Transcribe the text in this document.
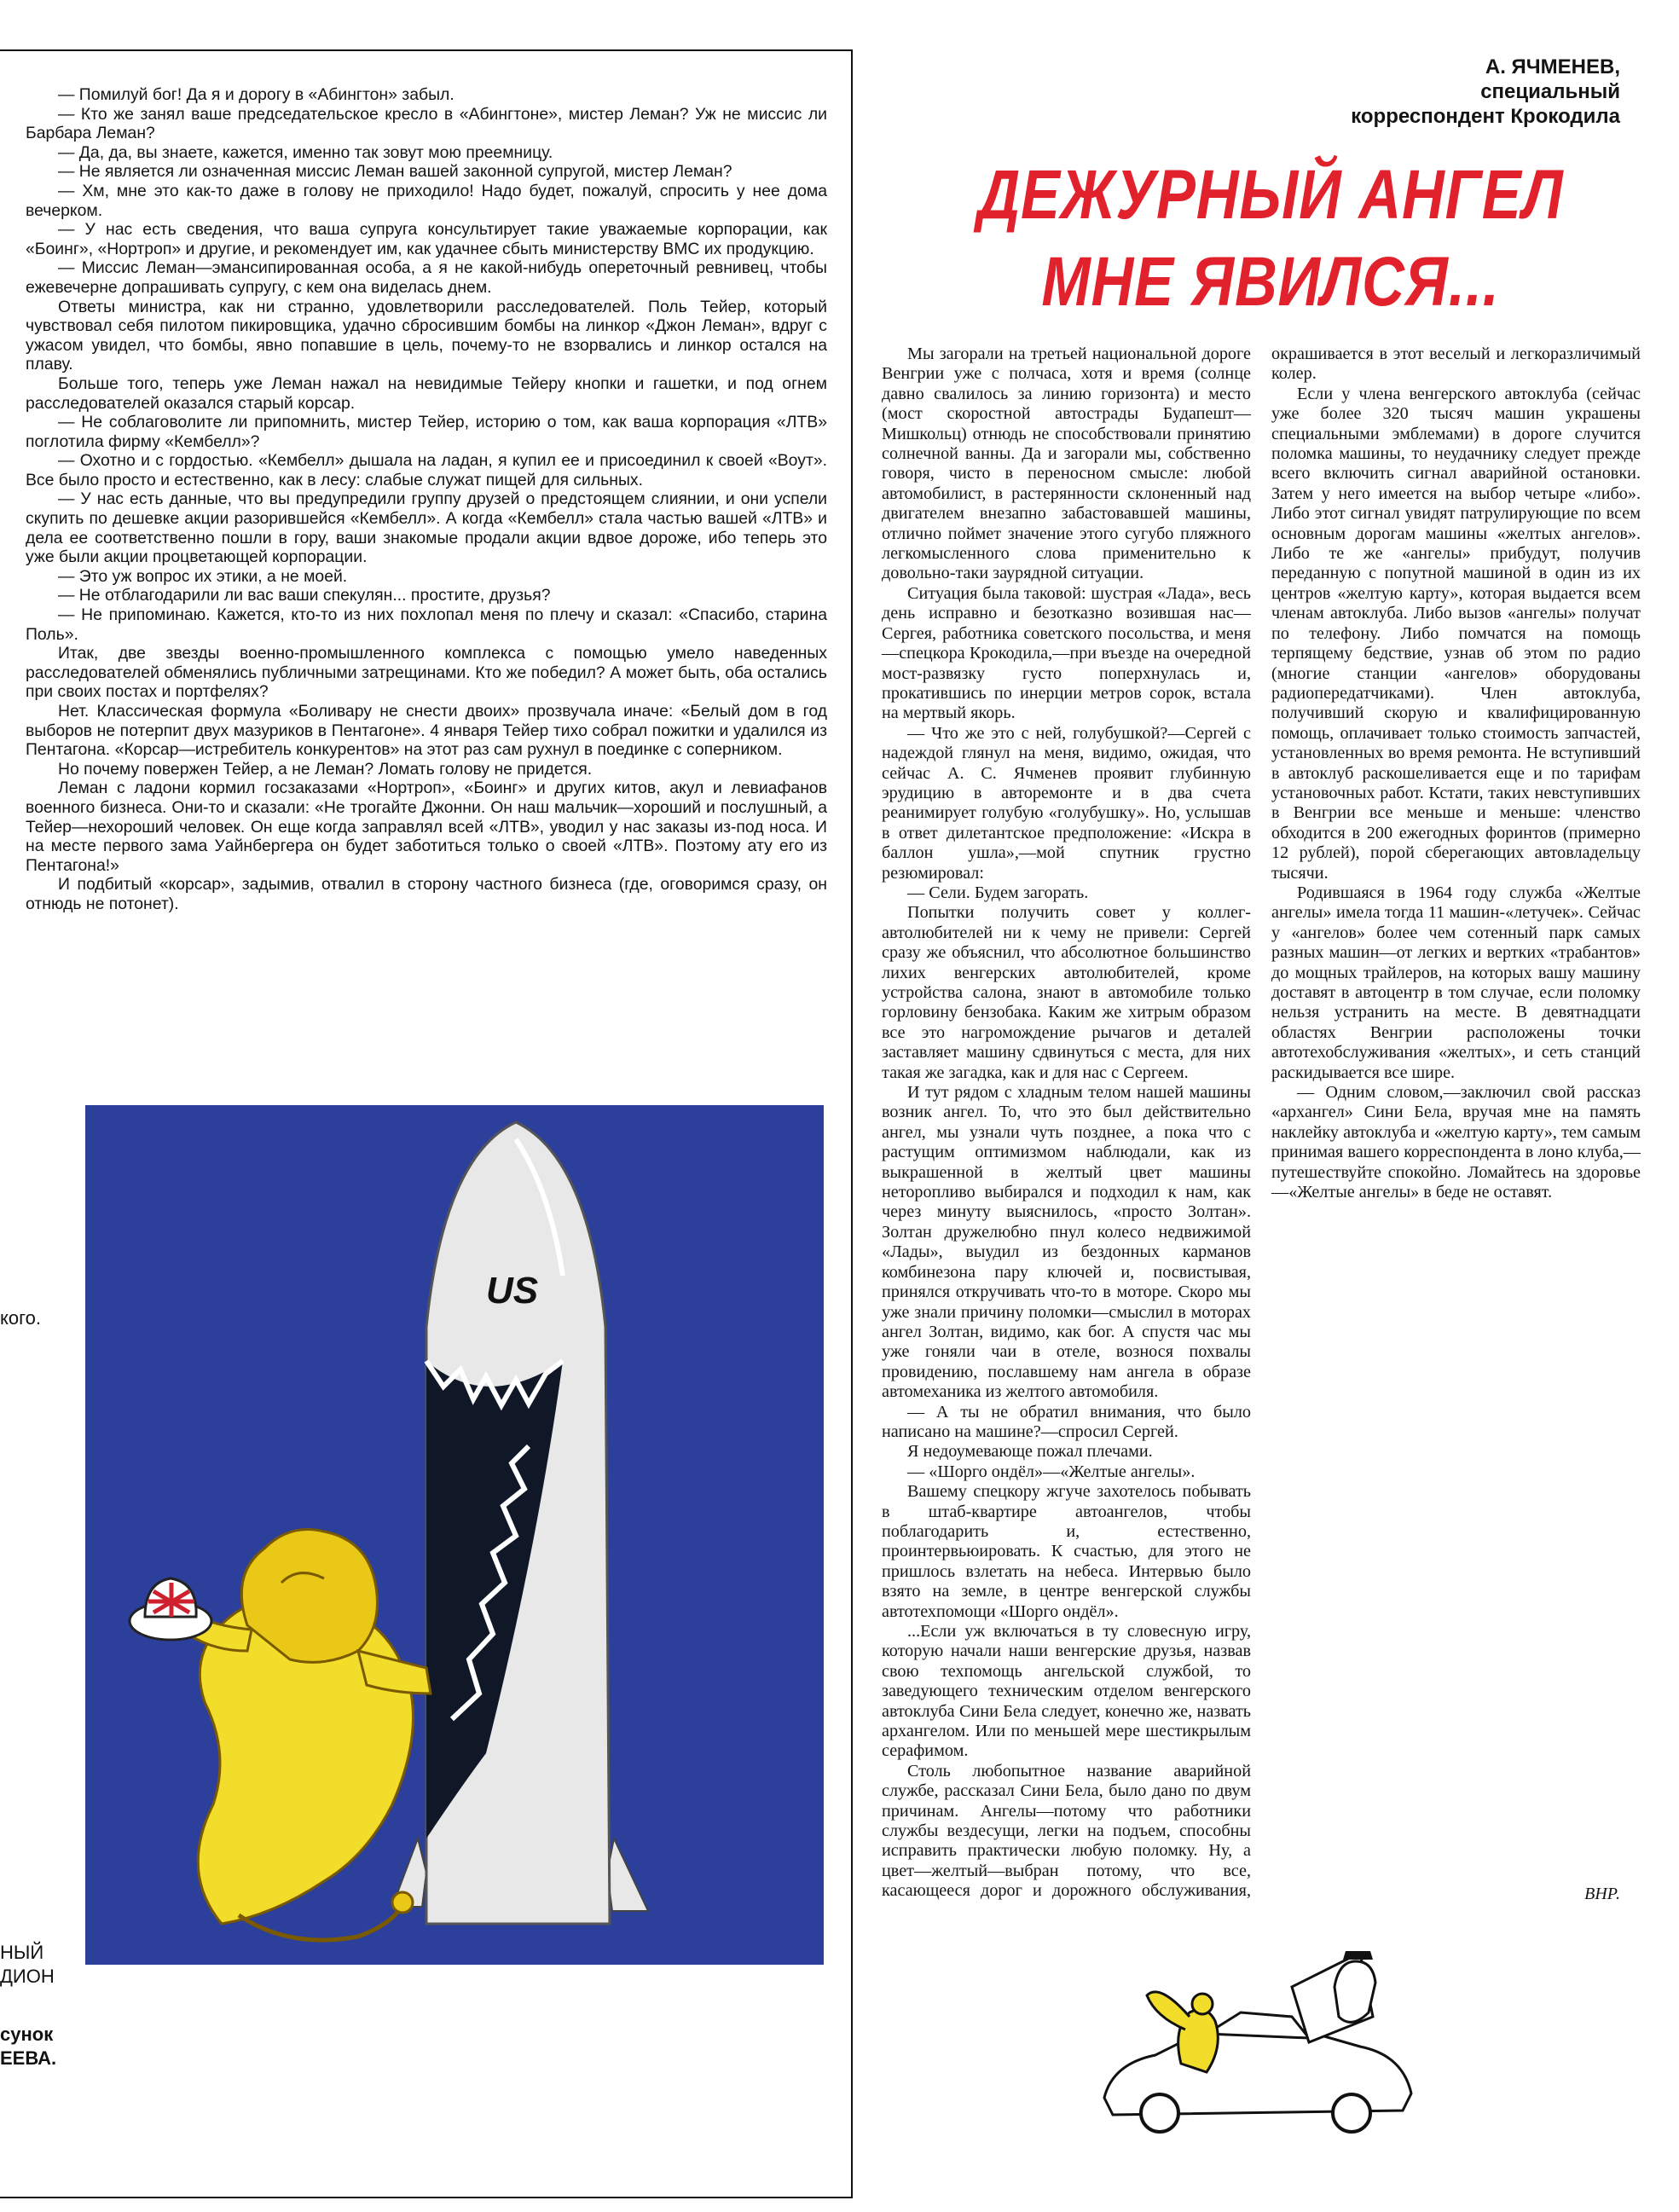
— Помилуй бог! Да я и дорогу в «Абингтон» забыл.

— Кто же занял ваше председательское кресло в «Абингтоне», мистер Леман? Уж не миссис ли Барбара Леман?

— Да, да, вы знаете, кажется, именно так зовут мою преемницу.

— Не является ли означенная миссис Леман вашей законной супругой, мистер Леман?

— Хм, мне это как-то даже в голову не приходило! Надо будет, пожалуй, спросить у нее дома вечерком.

— У нас есть сведения, что ваша супруга консультирует такие уважаемые корпорации, как «Боинг», «Нортроп» и другие, и рекомендует им, как удачнее сбыть министерству ВМС их продукцию.

— Миссис Леман—эмансипированная особа, а я не какой-нибудь опереточный ревнивец, чтобы ежевечерне допрашивать супругу, с кем она виделась днем.

Ответы министра, как ни странно, удовлетворили расследователей. Поль Тейер, который чувствовал себя пилотом пикировщика, удачно сбросившим бомбы на линкор «Джон Леман», вдруг с ужасом увидел, что бомбы, явно попавшие в цель, почему-то не взорвались и линкор остался на плаву.

Больше того, теперь уже Леман нажал на невидимые Тейеру кнопки и гашетки, и под огнем расследователей оказался старый корсар.

— Не соблаговолите ли припомнить, мистер Тейер, историю о том, как ваша корпорация «ЛТВ» поглотила фирму «Кембелл»?

— Охотно и с гордостью. «Кембелл» дышала на ладан, я купил ее и присоединил к своей «Воут». Все было просто и естественно, как в лесу: слабые служат пищей для сильных.

— У нас есть данные, что вы предупредили группу друзей о предстоящем слиянии, и они успели скупить по дешевке акции разорившейся «Кембелл». А когда «Кембелл» стала частью вашей «ЛТВ» и дела ее соответственно пошли в гору, ваши знакомые продали акции вдвое дороже, ибо теперь это уже были акции процветающей корпорации.

— Это уж вопрос их этики, а не моей.

— Не отблагодарили ли вас ваши спекулян... простите, друзья?

— Не припоминаю. Кажется, кто-то из них похлопал меня по плечу и сказал: «Спасибо, старина Поль».

Итак, две звезды военно-промышленного комплекса с помощью умело наведенных расследователей обменялись публичными затрещинами. Кто же победил? А может быть, оба остались при своих постах и портфелях?

Нет. Классическая формула «Боливару не снести двоих» прозвучала иначе: «Белый дом в год выборов не потерпит двух мазуриков в Пентагоне». 4 января Тейер тихо собрал пожитки и удалился из Пентагона. «Корсар—истребитель конкурентов» на этот раз сам рухнул в поединке с соперником.

Но почему повержен Тейер, а не Леман? Ломать голову не придется.

Леман с ладони кормил госзаказами «Нортроп», «Боинг» и других китов, акул и левиафанов военного бизнеса. Они-то и сказали: «Не трогайте Джонни. Он наш мальчик—хороший и послушный, а Тейер—нехороший человек. Он еще когда заправлял всей «ЛТВ», уводил у нас заказы из-под носа. И на месте первого зама Уайнбергера он будет заботиться только о своей «ЛТВ». Поэтому ату его из Пентагона!»

И подбитый «корсар», задымив, отвалил в сторону частного бизнеса (где, оговоримся сразу, он отнюдь не потонет).

US
кого.
НЫЙ
ДИОН
сунок
ЕЕВА.
А. ЯЧМЕНЕВ,
специальный
корреспондент Крокодила
ДЕЖУРНЫЙ АНГЕЛ
МНЕ ЯВИЛСЯ...

Мы загорали на третьей национальной дороге Венгрии уже с полчаса, хотя и время (солнце давно свалилось за линию горизонта) и место (мост скоростной автострады Будапешт—Мишкольц) отнюдь не способствовали принятию солнечной ванны. Да и загорали мы, собственно говоря, чисто в переносном смысле: любой автомобилист, в растерянности склоненный над двигателем внезапно забастовавшей машины, отлично поймет значение этого сугубо пляжного легкомысленного слова применительно к довольно-таки заурядной ситуации.

Ситуация была таковой: шустрая «Лада», весь день исправно и безотказно возившая нас—Сергея, работника советского посольства, и меня—спецкора Крокодила,—при въезде на очередной мост-развязку густо поперхнулась и, прокатившись по инерции метров сорок, встала на мертвый якорь.

— Что же это с ней, голубушкой?—Сергей с надеждой глянул на меня, видимо, ожидая, что сейчас А. С. Ячменев проявит глубинную эрудицию в авторемонте и в два счета реанимирует голубую «голубушку». Но, услышав в ответ дилетантское предположение: «Искра в баллон ушла»,—мой спутник грустно резюмировал:

— Сели. Будем загорать.

Попытки получить совет у коллег-автолюбителей ни к чему не привели: Сергей сразу же объяснил, что абсолютное большинство лихих венгерских автолюбителей, кроме устройства салона, знают в автомобиле только горловину бензобака. Каким же хитрым образом все это нагромождение рычагов и деталей заставляет машину сдвинуться с места, для них такая же загадка, как и для нас с Сергеем.

И тут рядом с хладным телом нашей машины возник ангел. То, что это был действительно ангел, мы узнали чуть позднее, а пока что с растущим оптимизмом наблюдали, как из выкрашенной в желтый цвет машины неторопливо выбирался и подходил к нам, как через минуту выяснилось, «просто Золтан». Золтан дружелюбно пнул колесо недвижимой «Лады», выудил из бездонных карманов комбинезона пару ключей и, посвистывая, принялся откручивать что-то в моторе. Скоро мы уже знали причину поломки—смыслил в моторах ангел Золтан, видимо, как бог. А спустя час мы уже гоняли чаи в отеле, вознося похвалы провидению, пославшему нам ангела в образе автомеханика из желтого автомобиля.

— А ты не обратил внимания, что было написано на машине?—спросил Сергей.

Я недоумевающе пожал плечами.

— «Шорго ондёл»—«Желтые ангелы».

Вашему спецкору жгуче захотелось побывать в штаб-квартире автоангелов, чтобы поблагодарить и, естественно, проинтервьюировать. К счастью, для этого не пришлось взлетать на небеса. Интервью было взято на земле, в центре венгерской службы автотехпомощи «Шорго ондёл».

...Если уж включаться в ту словесную игру, которую начали наши венгерские друзья, назвав свою техпомощь ангельской службой, то заведующего техническим отделом венгерского автоклуба Сини Бела следует, конечно же, назвать архангелом. Или по меньшей мере шестикрылым серафимом.

Столь любопытное название аварийной службе, рассказал Сини Бела, было дано по двум причинам. Ангелы—потому что работники службы вездесущи, легки на подъем, способны исправить практически любую поломку. Ну, а цвет—желтый—выбран потому, что все, касающееся дорог и дорожного обслуживания, окрашивается в этот веселый и легкоразличимый колер.

Если у члена венгерского автоклуба (сейчас уже более 320 тысяч машин украшены специальными эмблемами) в дороге случится поломка машины, то неудачнику следует прежде всего включить сигнал аварийной остановки. Затем у него имеется на выбор четыре «либо». Либо этот сигнал увидят патрулирующие по всем основным дорогам машины «желтых ангелов». Либо те же «ангелы» прибудут, получив переданную с попутной машиной в один из их центров «желтую карту», которая выдается всем членам автоклуба. Либо вызов «ангелы» получат по телефону. Либо помчатся на помощь терпящему бедствие, узнав об этом по радио (многие станции «ангелов» оборудованы радиопередатчиками). Член автоклуба, получивший скорую и квалифицированную помощь, оплачивает только стоимость запчастей, установленных во время ремонта. Не вступивший в автоклуб раскошеливается еще и по тарифам установочных работ. Кстати, таких невступивших в Венгрии все меньше и меньше: членство обходится в 200 ежегодных форинтов (примерно 12 рублей), порой сберегающих автовладельцу тысячи.

Родившаяся в 1964 году служба «Желтые ангелы» имела тогда 11 машин-«летучек». Сейчас у «ангелов» более чем сотенный парк самых разных машин—от легких и вертких «трабантов» до мощных трайлеров, на которых вашу машину доставят в автоцентр в том случае, если поломку нельзя устранить на месте. В девятнадцати областях Венгрии расположены точки автотехобслуживания «желтых», и сеть станций раскидывается все шире.

— Одним словом,—заключил свой рассказ «архангел» Сини Бела, вручая мне на память наклейку автоклуба и «желтую карту», тем самым принимая вашего корреспондента в лоно клуба,—путешествуйте спокойно. Ломайтесь на здоровье—«Желтые ангелы» в беде не оставят.

ВНР.
